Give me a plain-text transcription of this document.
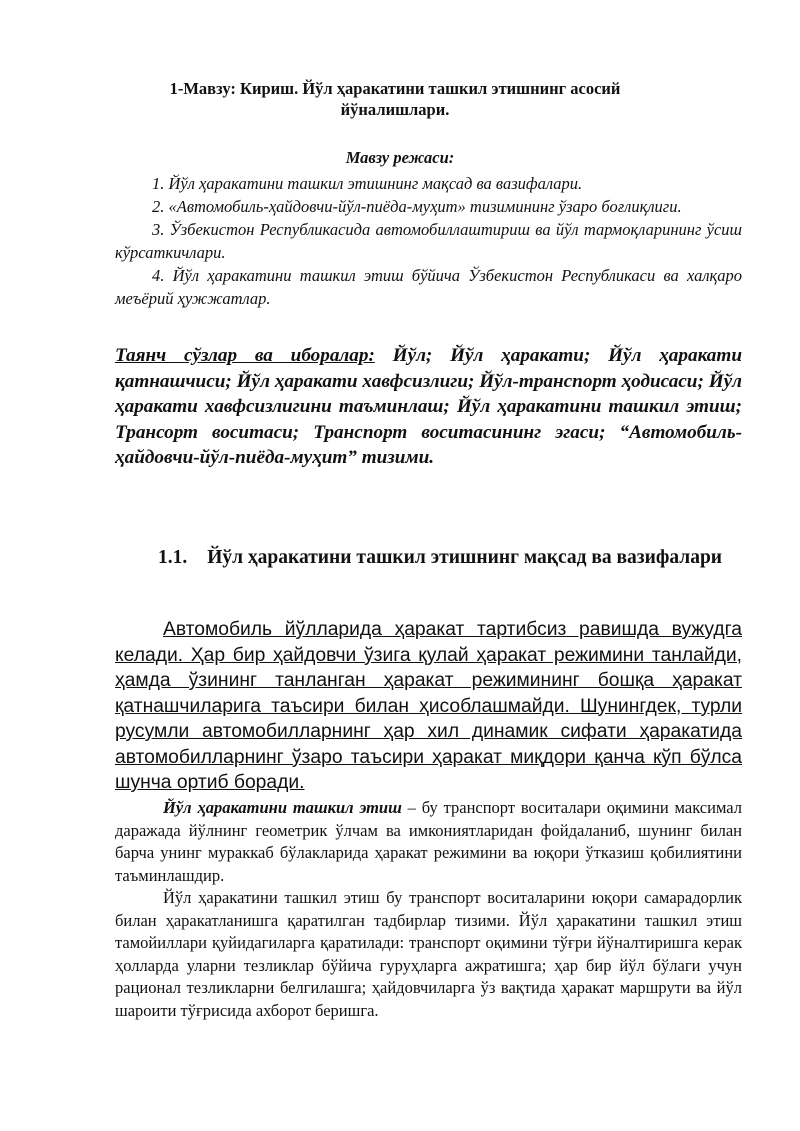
1-Мавзу: Кириш. Йўл ҳаракатини ташкил этишнинг асосий йўналишлари.
Мавзу режаси:

1. Йўл ҳаракатини ташкил этишнинг мақсад ва вазифалари.

2. «Автомобиль-ҳайдовчи-йўл-пиёда-муҳит» тизимининг ўзаро боғлиқлиги.

3. Ўзбекистон Республикасида автомобиллаштириш ва йўл тармоқларининг ўсиш кўрсаткичлари.

4. Йўл ҳаракатини ташкил этиш бўйича Ўзбекистон Республикаси ва халқаро меъёрий ҳужжатлар.

Таянч сўзлар ва иборалар: Йўл; Йўл ҳаракати; Йўл ҳаракати қатнашчиси; Йўл ҳаракати хавфсизлиги; Йўл-транспорт ҳодисаси; Йўл ҳаракати хавфсизлигини таъминлаш; Йўл ҳаракатини ташкил этиш; Трансорт воситаси; Транспорт воситасининг эгаси; “Автомобиль-ҳайдовчи-йўл-пиёда-муҳит” тизими.
1.1. Йўл ҳаракатини ташкил этишнинг мақсад ва вазифалари
Автомобиль йўлларида ҳаракат тартибсиз равишда вужудга келади. Ҳар бир ҳайдовчи ўзига қулай ҳаракат режимини танлайди, ҳамда ўзининг танланган ҳаракат режимининг бошқа ҳаракат қатнашчиларига таъсири билан ҳисоблашмайди. Шунингдек, турли русумли автомобилларнинг ҳар хил динамик сифати ҳаракатида автомобилларнинг ўзаро таъсири ҳаракат миқдори қанча кўп бўлса шунча ортиб боради.

Йўл ҳаракатини ташкил этиш – бу транспорт воситалари оқимини максимал даражада йўлнинг геометрик ўлчам ва имкониятларидан фойдаланиб, шунинг билан барча унинг мураккаб бўлакларида ҳаракат режимини ва юқори ўтказиш қобилиятини таъминлашдир.

Йўл ҳаракатини ташкил этиш бу транспорт воситаларини юқори самарадорлик билан ҳаракатланишга қаратилган тадбирлар тизими. Йўл ҳаракатини ташкил этиш тамойиллари қуйидагиларга қаратилади: транспорт оқимини тўғри йўналтиришга керак ҳолларда уларни тезликлар бўйича гуруҳларга ажратишга; ҳар бир йўл бўлаги учун рационал тезликларни белгилашга; ҳайдовчиларга ўз вақтида ҳаракат маршрути ва йўл шароити тўғрисида ахборот беришга.
